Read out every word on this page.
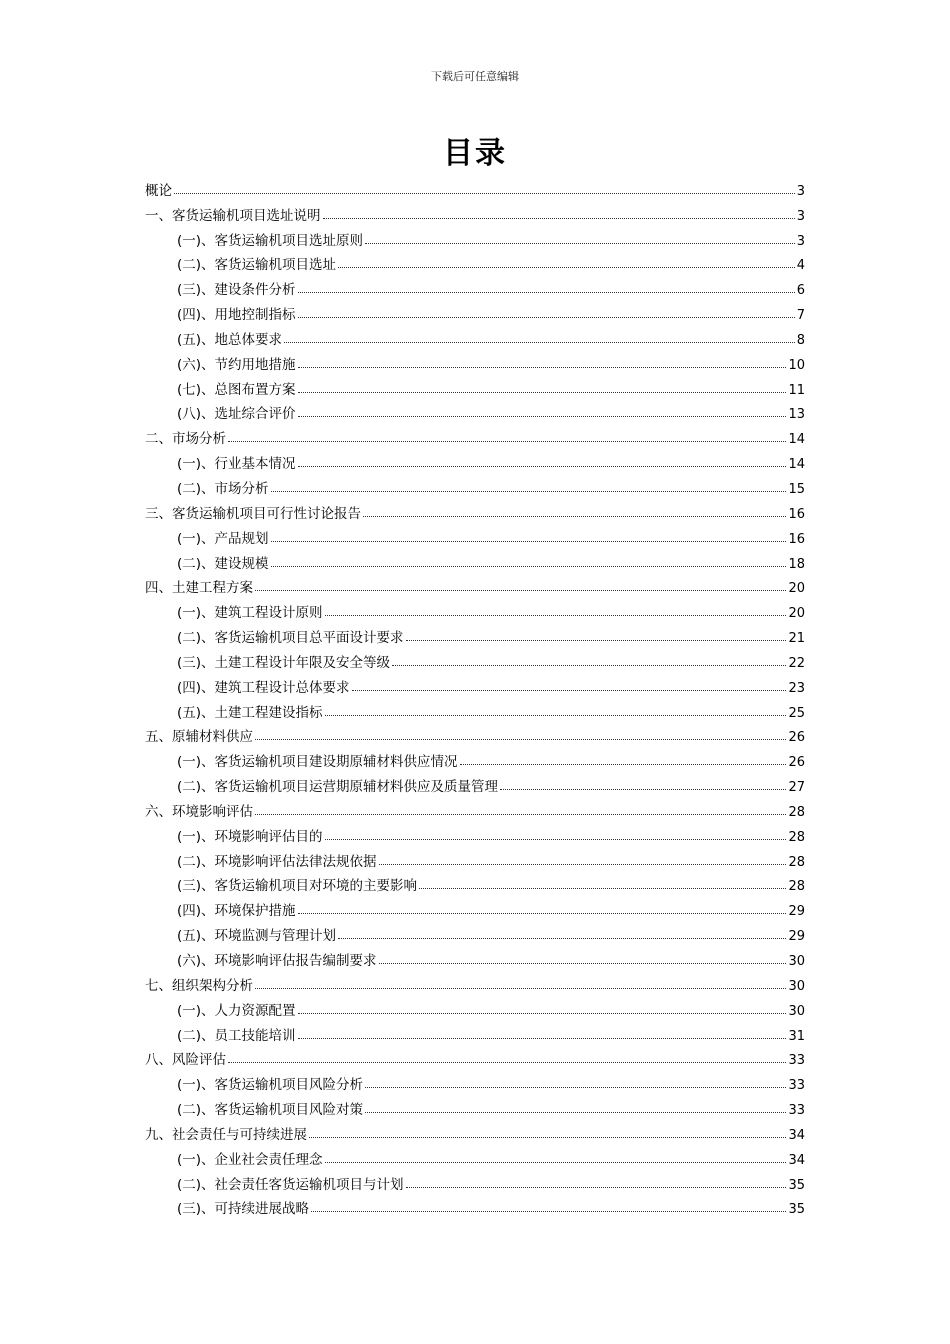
下载后可任意编辑
目录
概论	3
一、客货运输机项目选址说明	3
(一)、客货运输机项目选址原则	3
(二)、客货运输机项目选址	4
(三)、建设条件分析	6
(四)、用地控制指标	7
(五)、地总体要求	8
(六)、节约用地措施	10
(七)、总图布置方案	11
(八)、选址综合评价	13
二、市场分析	14
(一)、行业基本情况	14
(二)、市场分析	15
三、客货运输机项目可行性讨论报告	16
(一)、产品规划	16
(二)、建设规模	18
四、土建工程方案	20
(一)、建筑工程设计原则	20
(二)、客货运输机项目总平面设计要求	21
(三)、土建工程设计年限及安全等级	22
(四)、建筑工程设计总体要求	23
(五)、土建工程建设指标	25
五、原辅材料供应	26
(一)、客货运输机项目建设期原辅材料供应情况	26
(二)、客货运输机项目运营期原辅材料供应及质量管理	27
六、环境影响评估	28
(一)、环境影响评估目的	28
(二)、环境影响评估法律法规依据	28
(三)、客货运输机项目对环境的主要影响	28
(四)、环境保护措施	29
(五)、环境监测与管理计划	29
(六)、环境影响评估报告编制要求	30
七、组织架构分析	30
(一)、人力资源配置	30
(二)、员工技能培训	31
八、风险评估	33
(一)、客货运输机项目风险分析	33
(二)、客货运输机项目风险对策	33
九、社会责任与可持续进展	34
(一)、企业社会责任理念	34
(二)、社会责任客货运输机项目与计划	35
(三)、可持续进展战略	35
